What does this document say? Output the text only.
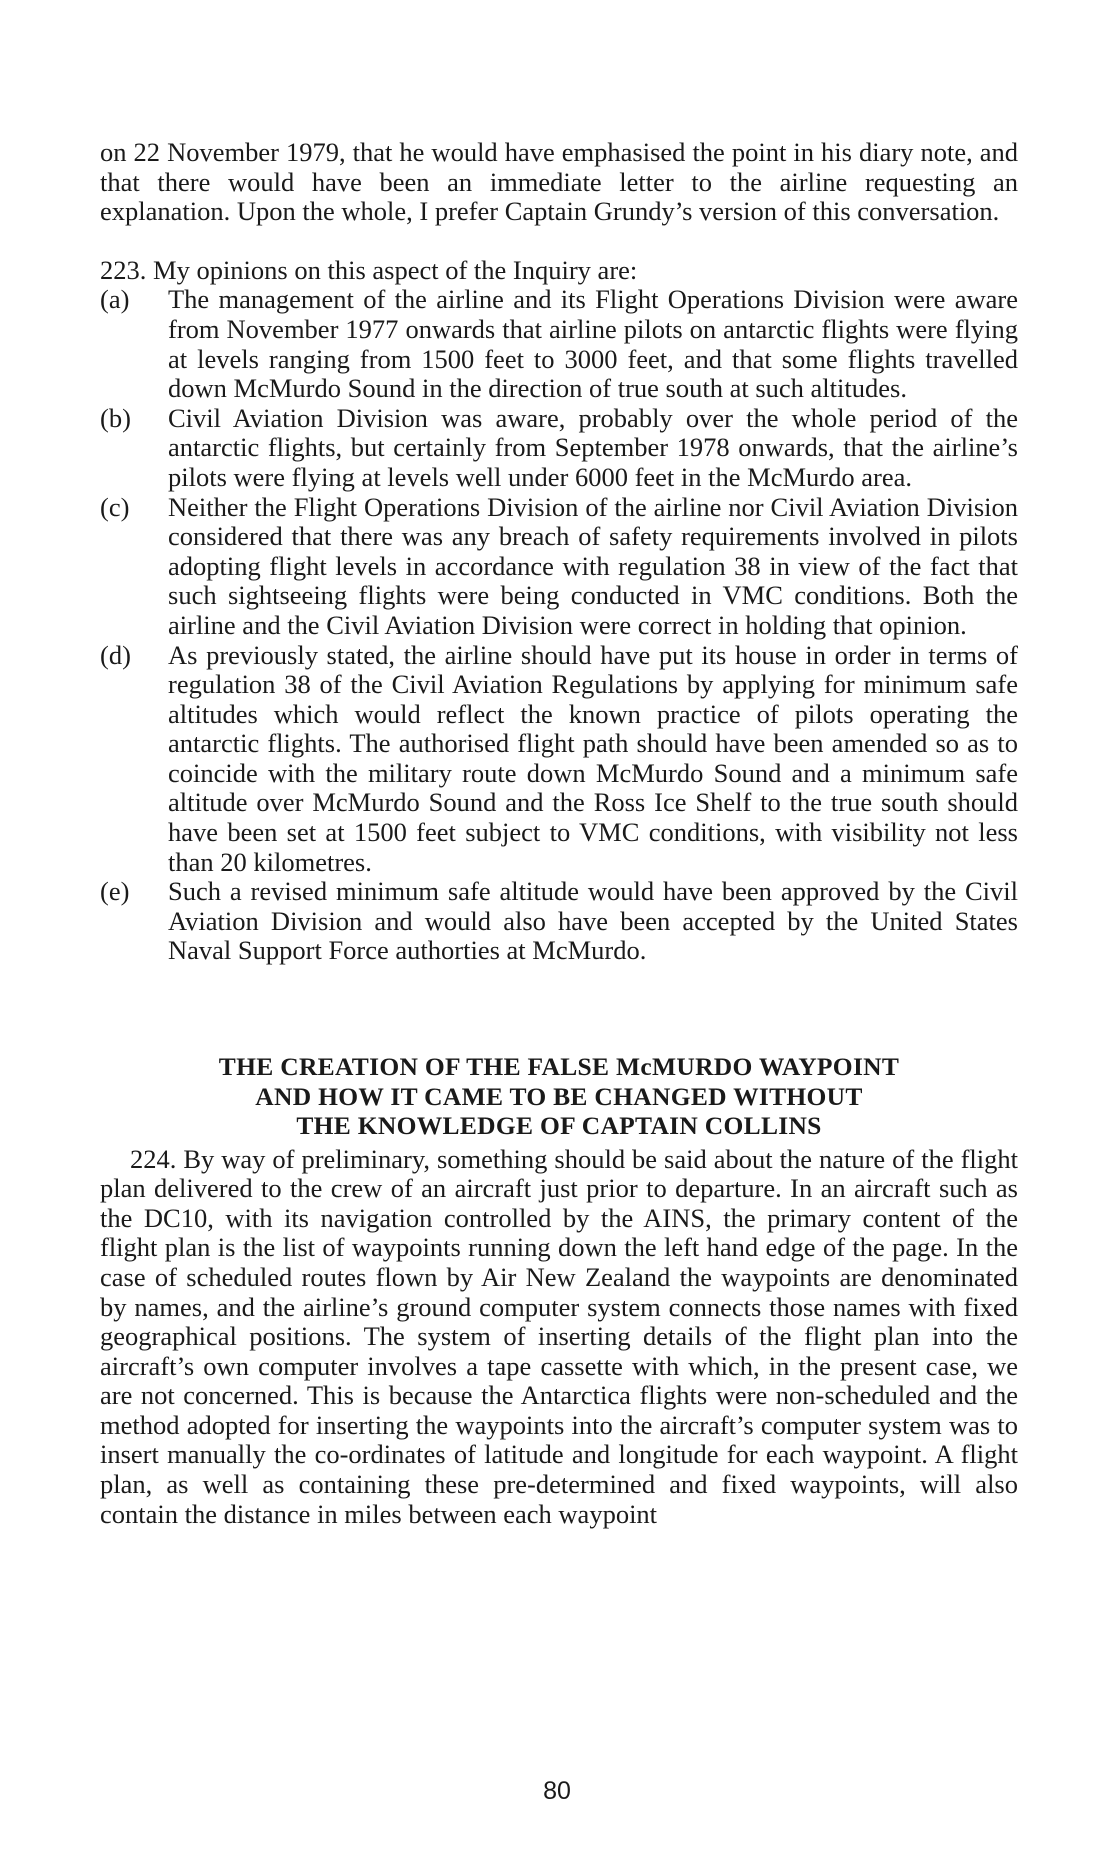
on 22 November 1979, that he would have emphasised the point in his diary note, and that there would have been an immediate letter to the airline requesting an explanation. Upon the whole, I prefer Captain Grundy’s version of this conversation.

223. My opinions on this aspect of the Inquiry are:

(a)	The management of the airline and its Flight Operations Division were aware from November 1977 onwards that airline pilots on antarctic flights were flying at levels ranging from 1500 feet to 3000 feet, and that some flights travelled down McMurdo Sound in the direction of true south at such altitudes.

(b)	Civil Aviation Division was aware, probably over the whole period of the antarctic flights, but certainly from September 1978 onwards, that the airline’s pilots were flying at levels well under 6000 feet in the McMurdo area.

(c)	Neither the Flight Operations Division of the airline nor Civil Aviation Division considered that there was any breach of safety requirements involved in pilots adopting flight levels in accordance with regulation 38 in view of the fact that such sightseeing flights were being conducted in VMC conditions. Both the airline and the Civil Aviation Division were correct in holding that opinion.

(d)	As previously stated, the airline should have put its house in order in terms of regulation 38 of the Civil Aviation Regulations by applying for minimum safe altitudes which would reflect the known practice of pilots operating the antarctic flights. The authorised flight path should have been amended so as to coincide with the military route down McMurdo Sound and a minimum safe altitude over McMurdo Sound and the Ross Ice Shelf to the true south should have been set at 1500 feet subject to VMC conditions, with visibility not less than 20 kilometres.

(e)	Such a revised minimum safe altitude would have been approved by the Civil Aviation Division and would also have been accepted by the United States Naval Support Force authorties at McMurdo.

THE CREATION OF THE FALSE McMURDO WAYPOINT
AND HOW IT CAME TO BE CHANGED WITHOUT
THE KNOWLEDGE OF CAPTAIN COLLINS

224. By way of preliminary, something should be said about the nature of the flight plan delivered to the crew of an aircraft just prior to departure. In an aircraft such as the DC10, with its navigation controlled by the AINS, the primary content of the flight plan is the list of waypoints running down the left hand edge of the page. In the case of scheduled routes flown by Air New Zealand the waypoints are denominated by names, and the airline’s ground computer system connects those names with fixed geographical positions. The system of inserting details of the flight plan into the aircraft’s own computer involves a tape cassette with which, in the present case, we are not concerned. This is because the Antarctica flights were non-scheduled and the method adopted for inserting the waypoints into the aircraft’s computer system was to insert manually the co-ordinates of latitude and longitude for each waypoint. A flight plan, as well as containing these pre-determined and fixed waypoints, will also contain the distance in miles between each waypoint

80
